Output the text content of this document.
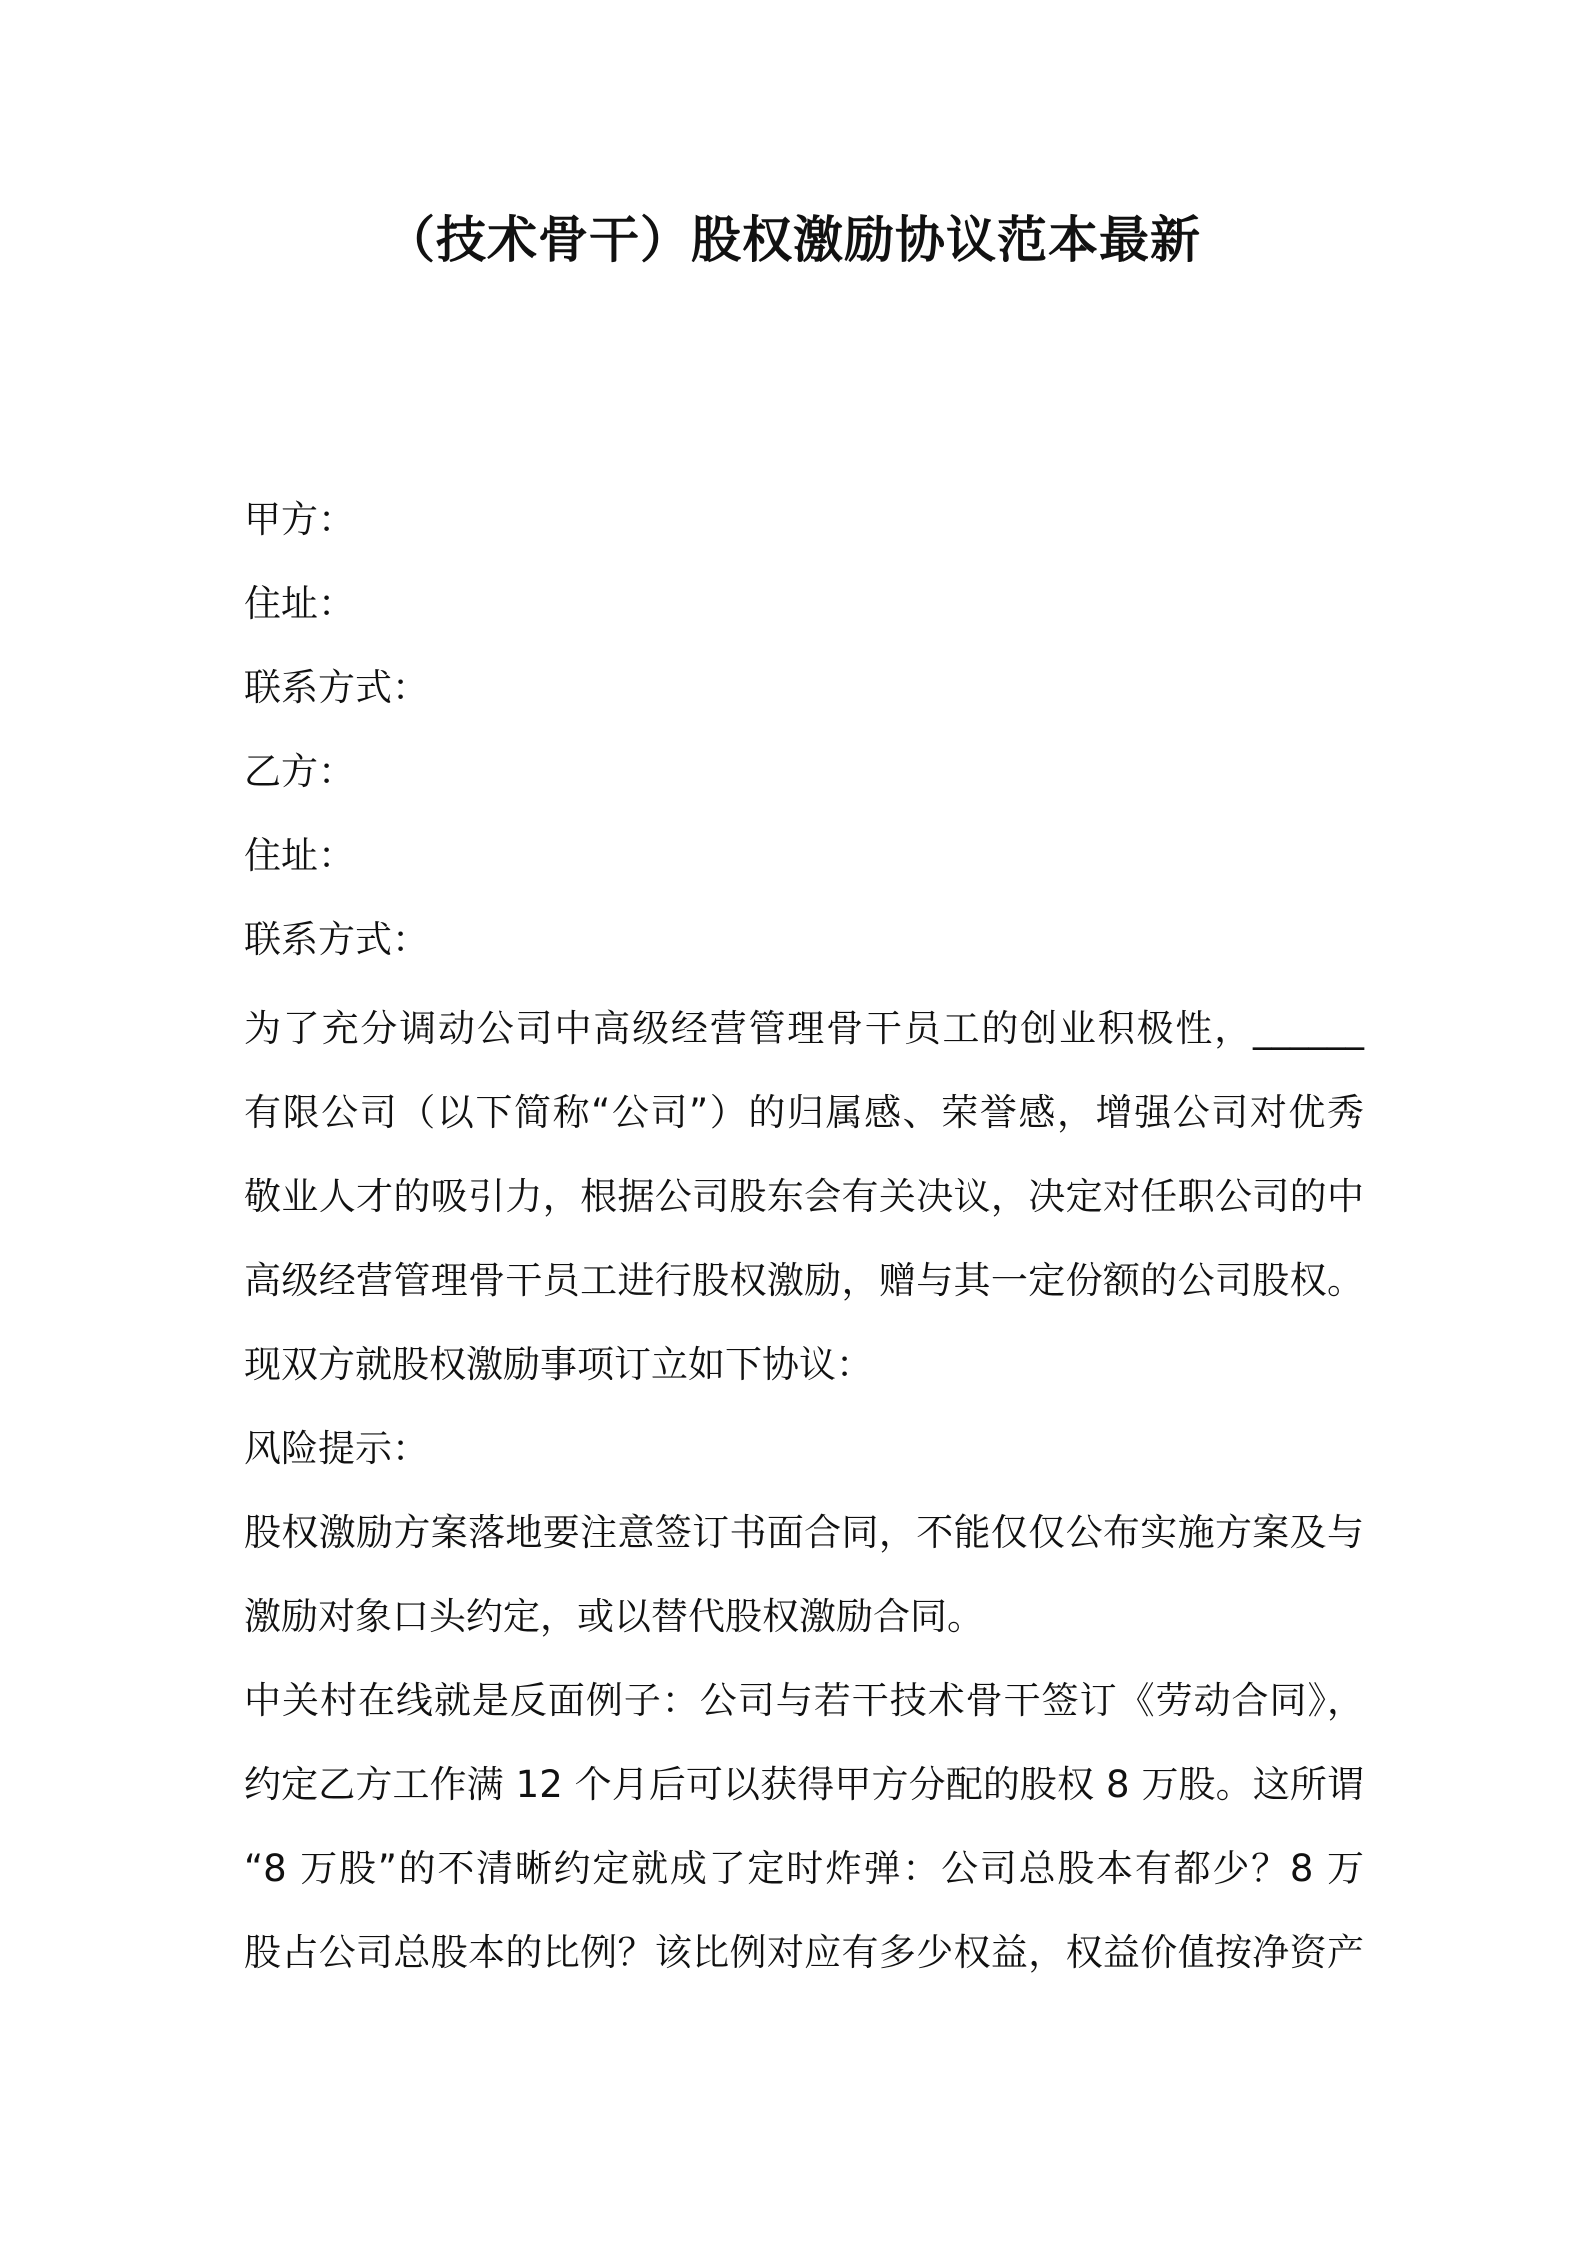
（技术骨干）股权激励协议范本最新

甲方：

住址：

联系方式：

乙方：

住址：

联系方式：

为了充分调动公司中高级经营管理骨干员工的创业积极性，______

有限公司（以下简称“公司”）的归属感、荣誉感，增强公司对优秀

敬业人才的吸引力，根据公司股东会有关决议，决定对任职公司的中

高级经营管理骨干员工进行股权激励，赠与其一定份额的公司股权。

现双方就股权激励事项订立如下协议：

风险提示：

股权激励方案落地要注意签订书面合同，不能仅仅公布实施方案及与

激励对象口头约定，或以替代股权激励合同。

中关村在线就是反面例子：公司与若干技术骨干签订《劳动合同》，

约定乙方工作满 12 个月后可以获得甲方分配的股权 8 万股。这所谓

“8 万股”的不清晰约定就成了定时炸弹：公司总股本有都少？8 万

股占公司总股本的比例？该比例对应有多少权益，权益价值按净资产
